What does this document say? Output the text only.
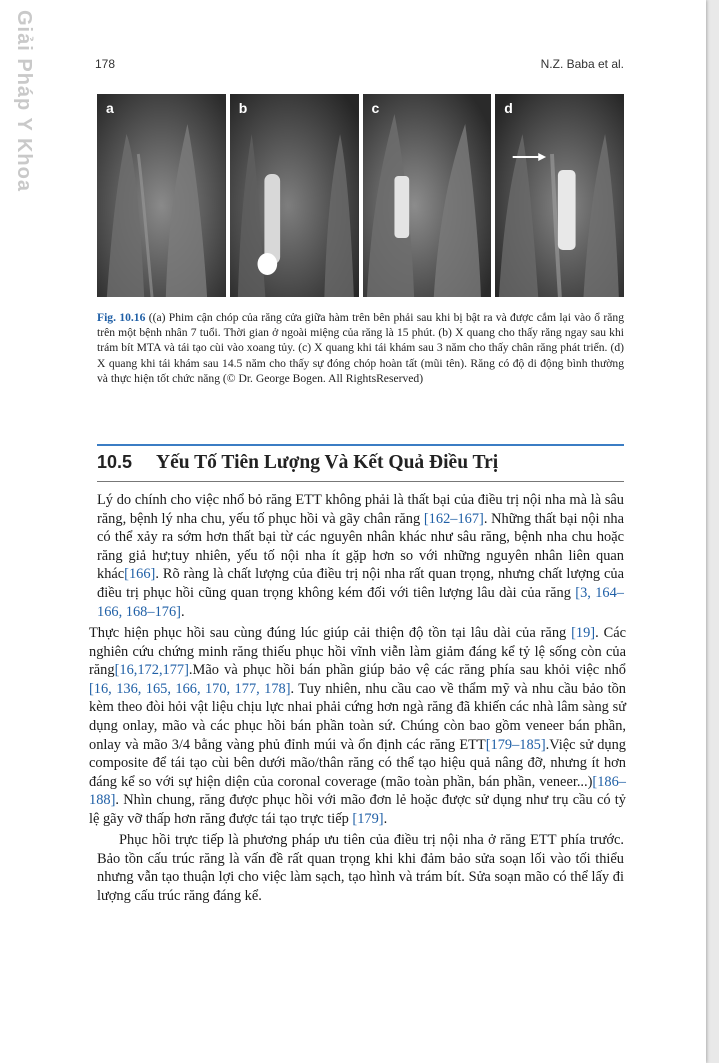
Giải Pháp Y Khoa	178	N.Z. Baba et al.
a	b	c	d
Fig. 10.16 ((a) Phim cận chóp của răng cửa giữa hàm trên bên phải sau khi bị bật ra và được cắm lại vào ổ răng trên một bệnh nhân 7 tuổi. Thời gian ở ngoài miệng của răng là 15 phút. (b) X quang cho thấy răng ngay sau khi trám bít MTA và tái tạo cùi vào xoang tủy. (c) X quang khi tái khám sau 3 năm cho thấy chân răng phát triển. (d) X quang khi tái khám sau 14.5 năm cho thấy sự đóng chóp hoàn tất (mũi tên). Răng có độ di động bình thường và thực hiện tốt chức năng (© Dr. George Bogen. All RightsReserved)
10.5 Yếu Tố Tiên Lượng Và Kết Quả Điều Trị
Lý do chính cho việc nhổ bỏ răng ETT không phải là thất bại của điều trị nội nha mà là sâu răng, bệnh lý nha chu, yếu tố phục hồi và gãy chân răng [162–167]. Những thất bại nội nha có thể xảy ra sớm hơn thất bại từ các nguyên nhân khác như sâu răng, bệnh nha chu hoặc răng giả hư;tuy nhiên, yếu tố nội nha ít gặp hơn so với những nguyên nhân liên quan khác[166]. Rõ ràng là chất lượng của điều trị nội nha rất quan trọng, nhưng chất lượng của điều trị phục hồi cũng quan trọng không kém đối với tiên lượng lâu dài của răng [3, 164–166, 168–176].
Thực hiện phục hồi sau cùng đúng lúc giúp cải thiện độ tồn tại lâu dài của răng [19]. Các nghiên cứu chứng minh răng thiếu phục hồi vĩnh viễn làm giảm đáng kể tỷ lệ sống còn của răng[16,172,177].Mão và phục hồi bán phần giúp bảo vệ các răng phía sau khỏi việc nhổ [16, 136, 165, 166, 170, 177, 178]. Tuy nhiên, nhu cầu cao về thẩm mỹ và nhu cầu bảo tồn kèm theo đòi hỏi vật liệu chịu lực nhai phải cứng hơn ngà răng đã khiến các nhà lâm sàng sử dụng onlay, mão và các phục hồi bán phần toàn sứ. Chúng còn bao gồm veneer bán phần, onlay và mão 3/4 bằng vàng phủ đỉnh múi và ổn định các răng ETT[179–185].Việc sử dụng composite để tái tạo cùi bên dưới mão/thân răng có thể tạo hiệu quả nâng đỡ, nhưng ít hơn đáng kể so với sự hiện diện của coronal coverage (mão toàn phần, bán phần, veneer...)[186–188]. Nhìn chung, răng được phục hồi với mão đơn lẻ hoặc được sử dụng như trụ cầu có tỷ lệ gãy vỡ thấp hơn răng được tái tạo trực tiếp [179].
Phục hồi trực tiếp là phương pháp ưu tiên của điều trị nội nha ở răng ETT phía trước. Bảo tồn cấu trúc răng là vấn đề rất quan trọng khi khi đảm bảo sửa soạn lối vào tối thiểu nhưng vẫn tạo thuận lợi cho việc làm sạch, tạo hình và trám bít. Sửa soạn mão có thể lấy đi lượng cấu trúc răng đáng kể.
